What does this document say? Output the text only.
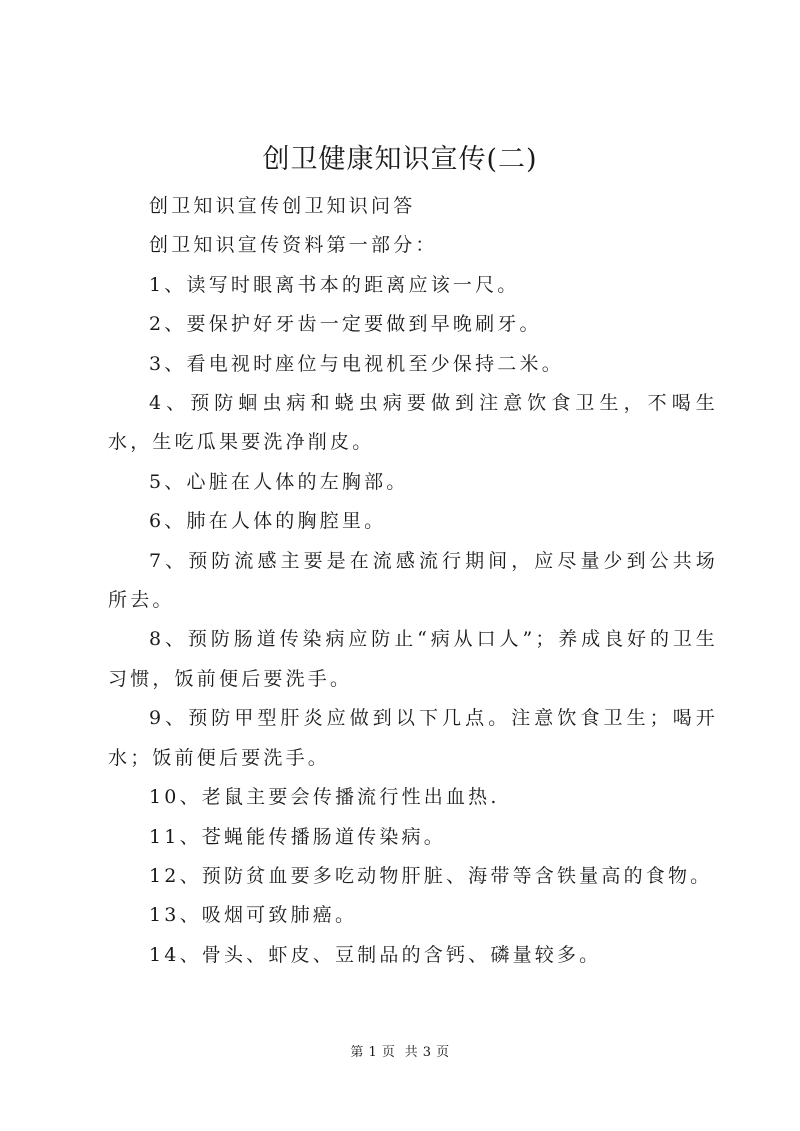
创卫健康知识宣传(二)

创卫知识宣传创卫知识问答

创卫知识宣传资料第一部分：

1、读写时眼离书本的距离应该一尺。

2、要保护好牙齿一定要做到早晚刷牙。

3、看电视时座位与电视机至少保持二米。

4、预防蛔虫病和蛲虫病要做到注意饮食卫生，不喝生水，生吃瓜果要洗净削皮。

5、心脏在人体的左胸部。

6、肺在人体的胸腔里。

7、预防流感主要是在流感流行期间，应尽量少到公共场所去。

8、预防肠道传染病应防止“病从口人”；养成良好的卫生习惯，饭前便后要洗手。

9、预防甲型肝炎应做到以下几点。注意饮食卫生；喝开水；饭前便后要洗手。

10、老鼠主要会传播流行性出血热.

11、苍蝇能传播肠道传染病。

12、预防贫血要多吃动物肝脏、海带等含铁量高的食物。

13、吸烟可致肺癌。

14、骨头、虾皮、豆制品的含钙、磷量较多。

第 1 页  共 3 页
